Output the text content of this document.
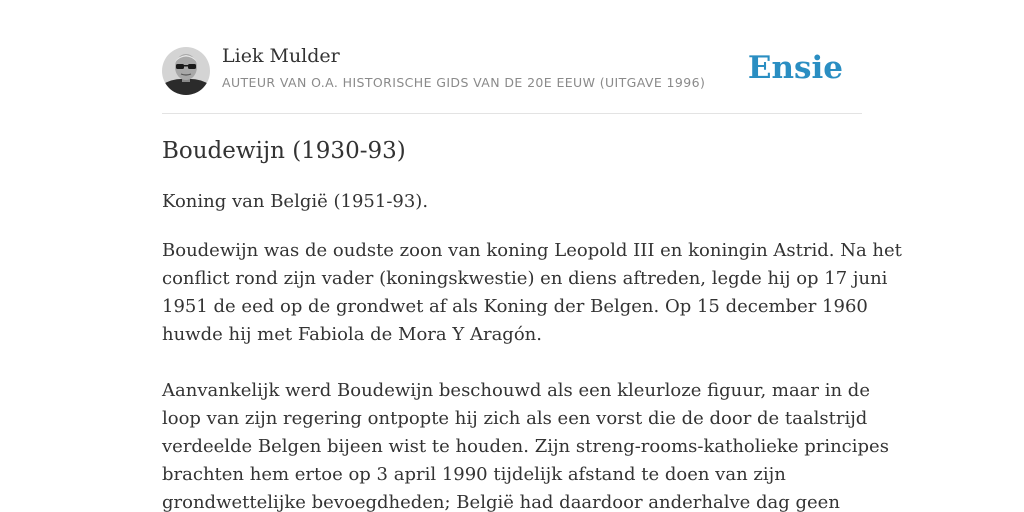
Liek Mulder
AUTEUR VAN O.A. HISTORISCHE GIDS VAN DE 20E EEUW (UITGAVE 1996) Ensie
Boudewijn (1930-93)

Koning van België (1951-93).

Boudewijn was de oudste zoon van koning Leopold III en koningin Astrid. Na het
conflict rond zijn vader (koningskwestie) en diens aftreden, legde hij op 17 juni
1951 de eed op de grondwet af als Koning der Belgen. Op 15 december 1960
huwde hij met Fabiola de Mora Y Aragón.
Aanvankelijk werd Boudewijn beschouwd als een kleurloze figuur, maar in de
loop van zijn regering ontpopte hij zich als een vorst die de door de taalstrijd
verdeelde Belgen bijeen wist te houden. Zijn streng-rooms-katholieke principes
brachten hem ertoe op 3 april 1990 tijdelijk afstand te doen van zijn
grondwettelijke bevoegdheden; België had daardoor anderhalve dag geen
